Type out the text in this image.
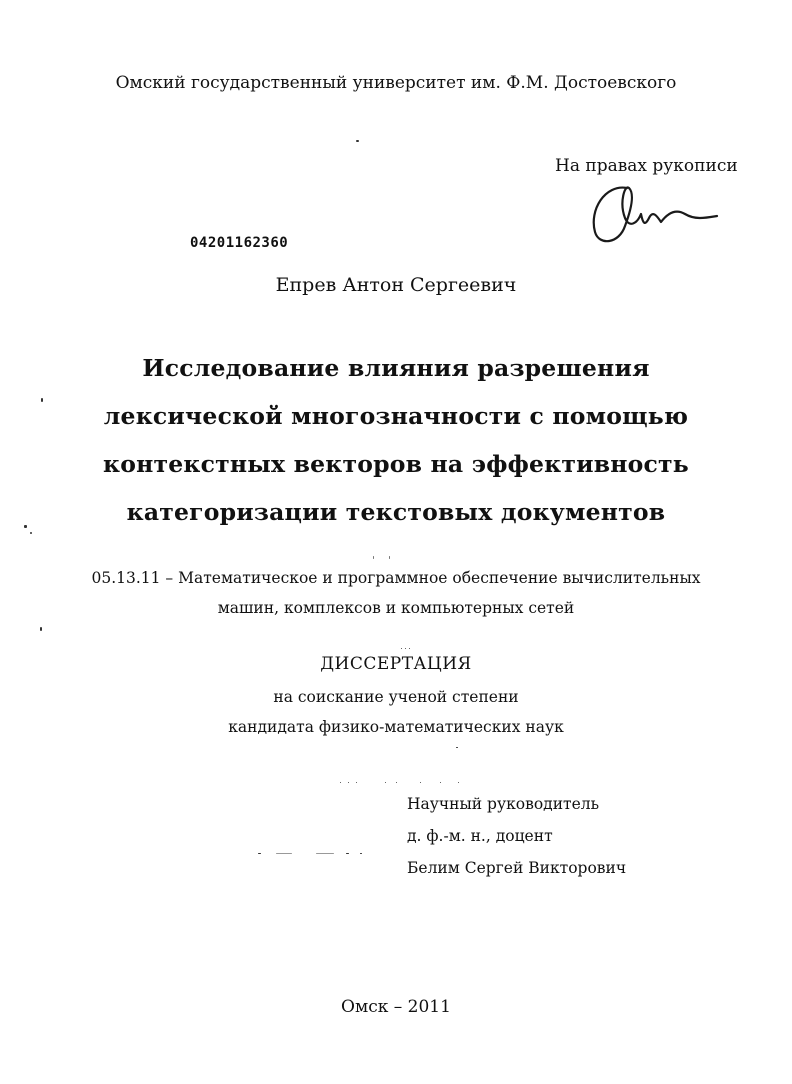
Омский государственный университет им. Ф.М. Достоевского
На правах рукописи
04201162360
Епрев Антон Сергеевич
Исследование влияния разрешения
лексической многозначности с помощью
контекстных векторов на эффективность
категоризации текстовых документов
05.13.11 – Математическое и программное обеспечение вычислительных
машин, комплексов и компьютерных сетей
ДИССЕРТАЦИЯ
на соискание ученой степени
кандидата физико-математических наук
Научный руководитель
д. ф.-м. н., доцент
Белим Сергей Викторович
Омск – 2011
